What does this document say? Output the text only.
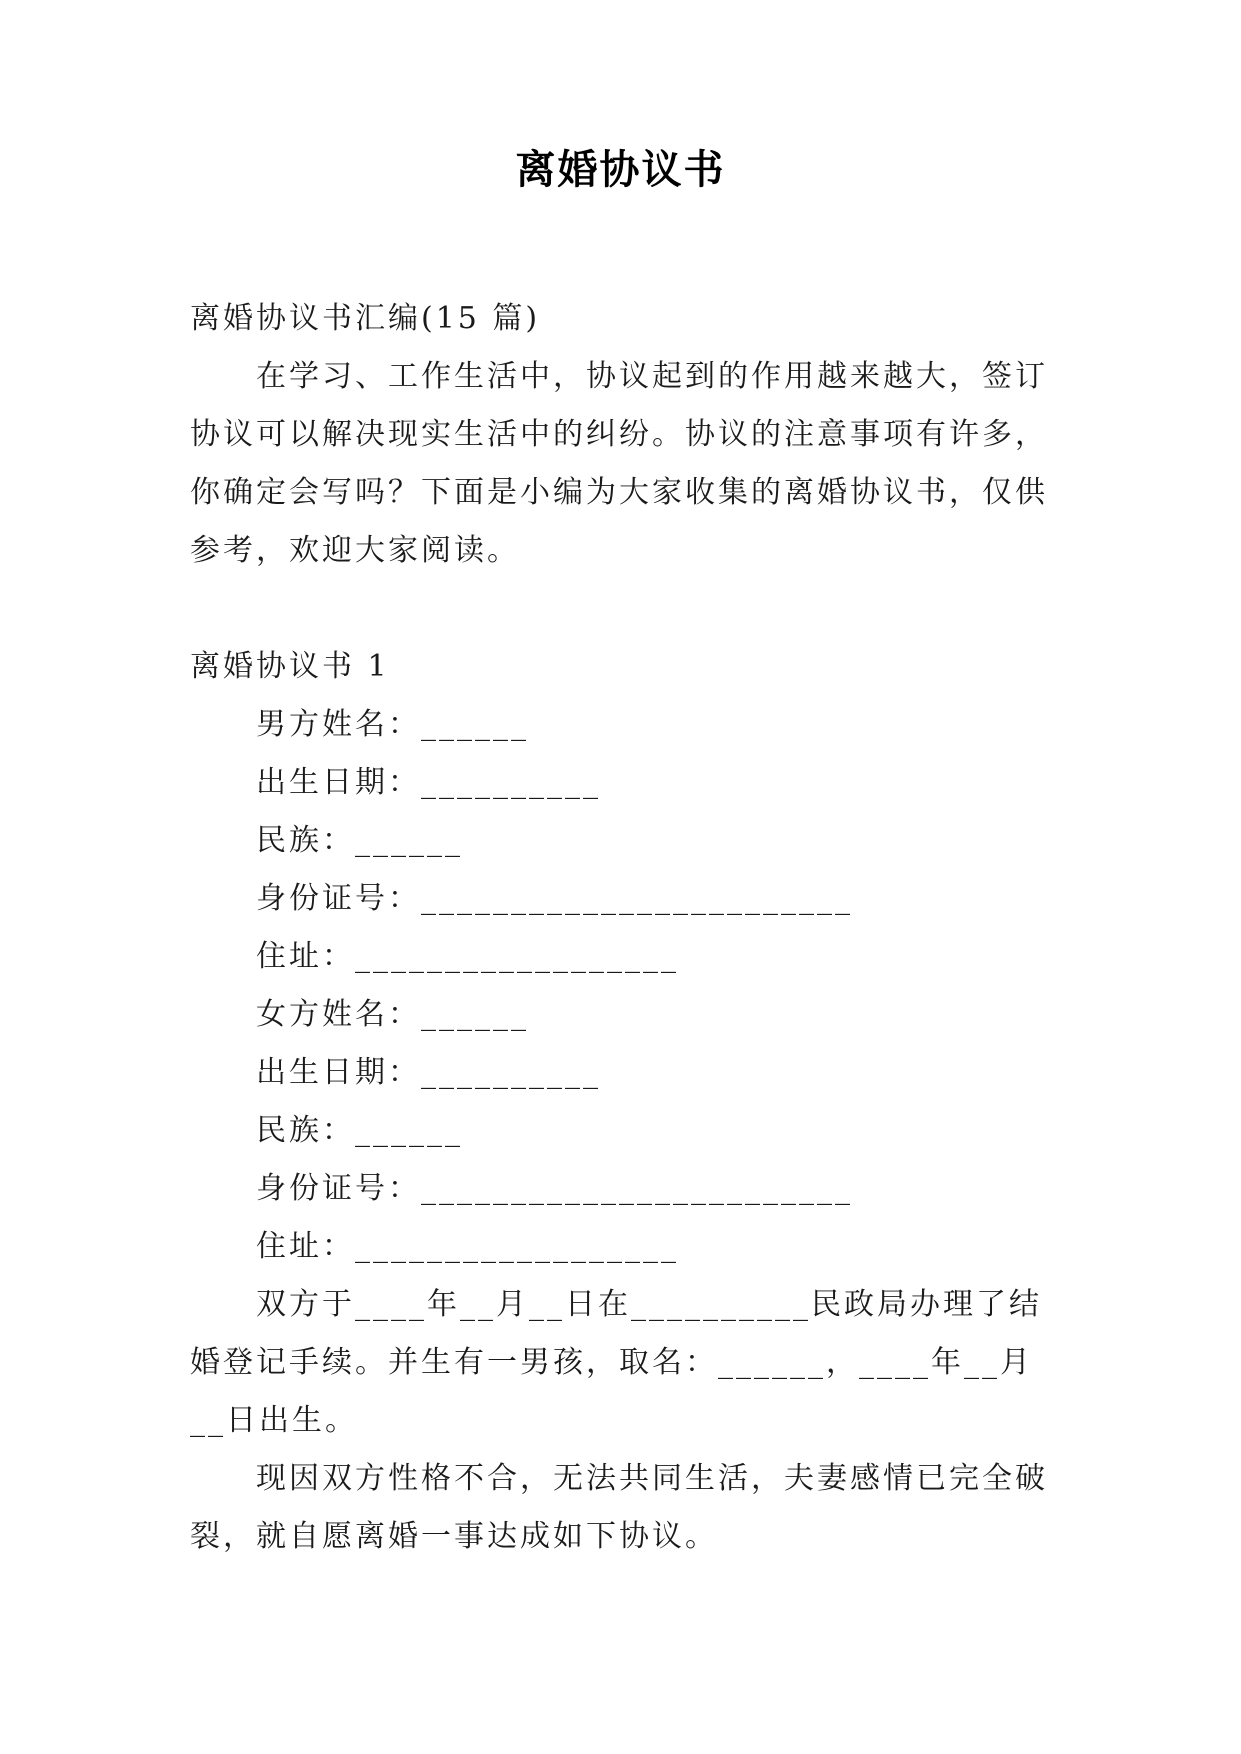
离婚协议书

离婚协议书汇编(15 篇)

在学习、工作生活中，协议起到的作用越来越大，签订协议可以解决现实生活中的纠纷。协议的注意事项有许多，你确定会写吗？下面是小编为大家收集的离婚协议书，仅供参考，欢迎大家阅读。

离婚协议书 1

男方姓名：______

出生日期：__________

民族：______

身份证号：________________________

住址：__________________

女方姓名：______

出生日期：__________

民族：______

身份证号：________________________

住址：__________________

双方于____年__月__日在__________民政局办理了结婚登记手续。并生有一男孩，取名：______，____年__月__日出生。

现因双方性格不合，无法共同生活，夫妻感情已完全破裂，就自愿离婚一事达成如下协议。
